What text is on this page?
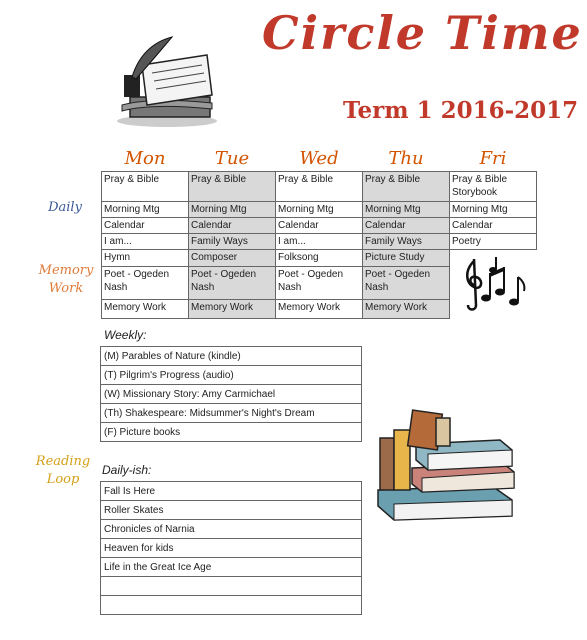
Circle Time
Term 1 2016-2017
Mon	Tue	Wed	Thu	Fri
Daily
Memory Work
Reading Loop
Pray & Bible	Pray & Bible	Pray & Bible	Pray & Bible	Pray & Bible Storybook
Morning Mtg	Morning Mtg	Morning Mtg	Morning Mtg	Morning Mtg
Calendar	Calendar	Calendar	Calendar	Calendar
I am...	Family Ways	I am...	Family Ways	Poetry
Hymn	Composer	Folksong	Picture Study	
Poet - Ogeden Nash	Poet - Ogeden Nash	Poet - Ogeden Nash	Poet - Ogeden Nash	
Memory Work	Memory Work	Memory Work	Memory Work	
Weekly:
(M) Parables of Nature (kindle)
(T) Pilgrim's Progress (audio)
(W) Missionary Story: Amy Carmichael
(Th) Shakespeare: Midsummer's Night's Dream
(F) Picture books
Daily-ish:
Fall Is Here
Roller Skates
Chronicles of Narnia
Heaven for kids
Life in the Great Ice Age
